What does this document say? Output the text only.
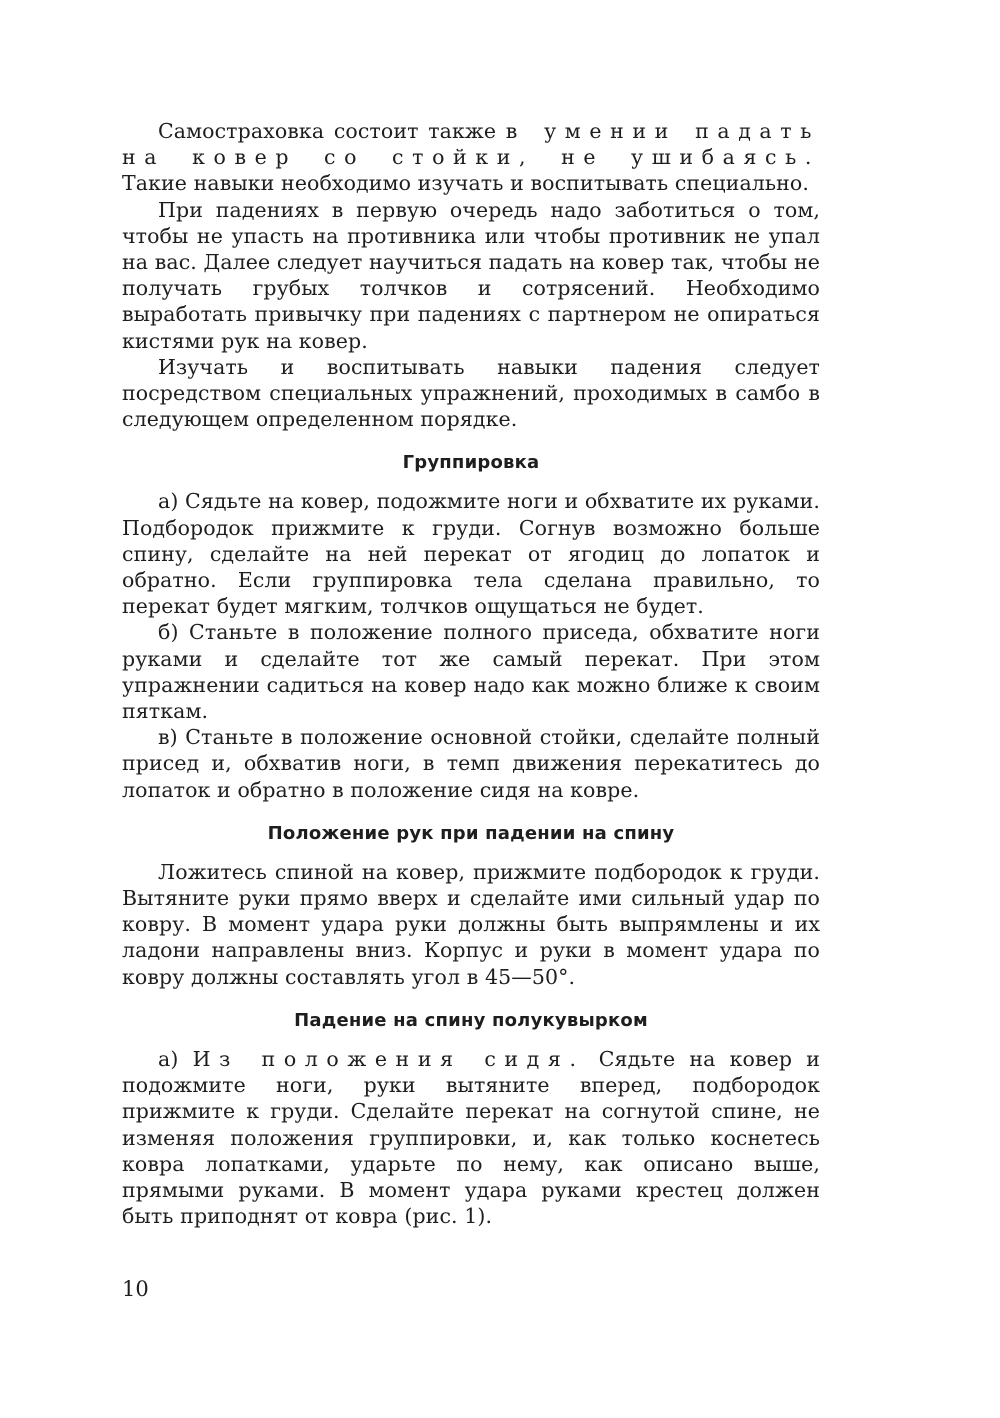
Самостраховка состоит также в умении падать на ковер со стойки, не ушибаясь. Такие навыки необходимо изучать и воспитывать специально.

При падениях в первую очередь надо заботиться о том, чтобы не упасть на противника или чтобы противник не упал на вас. Далее следует научиться падать на ковер так, чтобы не получать грубых толчков и сотрясений. Необходимо выработать привычку при падениях с партнером не опираться кистями рук на ковер.

Изучать и воспитывать навыки падения следует посредством специальных упражнений, проходимых в самбо в следующем определенном порядке.

Группировка

а) Сядьте на ковер, подожмите ноги и обхватите их руками. Подбородок прижмите к груди. Согнув возможно больше спину, сделайте на ней перекат от ягодиц до лопаток и обратно. Если группировка тела сделана правильно, то перекат будет мягким, толчков ощущаться не будет.

б) Станьте в положение полного приседа, обхватите ноги руками и сделайте тот же самый перекат. При этом упражнении садиться на ковер надо как можно ближе к своим пяткам.

в) Станьте в положение основной стойки, сделайте полный присед и, обхватив ноги, в темп движения перекатитесь до лопаток и обратно в положение сидя на ковре.

Положение рук при падении на спину

Ложитесь спиной на ковер, прижмите подбородок к груди. Вытяните руки прямо вверх и сделайте ими сильный удар по ковру. В момент удара руки должны быть выпрямлены и их ладони направлены вниз. Корпус и руки в момент удара по ковру должны составлять угол в 45—50°.

Падение на спину полукувырком

а) Из положения сидя. Сядьте на ковер и подожмите ноги, руки вытяните вперед, подбородок прижмите к груди. Сделайте перекат на согнутой спине, не изменяя положения группировки, и, как только коснетесь ковра лопатками, ударьте по нему, как описано выше, прямыми руками. В момент удара руками крестец должен быть приподнят от ковра (рис. 1).

10
